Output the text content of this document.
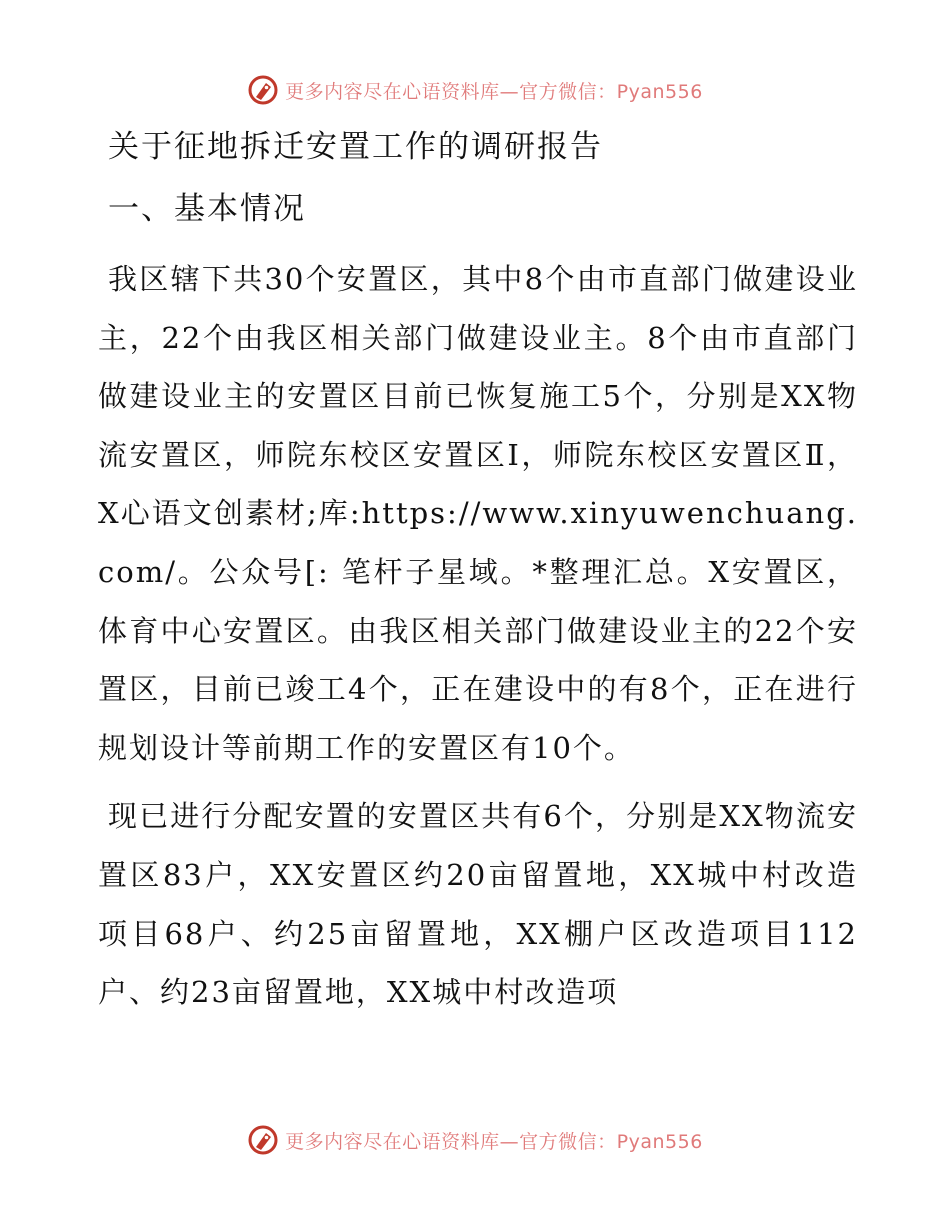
更多内容尽在心语资料库—官方微信：Pyan556
关于征地拆迁安置工作的调研报告
一、基本情况

我区辖下共30个安置区，其中8个由市直部门做建设业主，22个由我区相关部门做建设业主。8个由市直部门做建设业主的安置区目前已恢复施工5个，分别是XX物流安置区，师院东校区安置区Ⅰ，师院东校区安置区Ⅱ，X心语文创素材;库:https://www.xinyuwenchuang.com/。公众号[: 笔杆子星域。*整理汇总。X安置区，体育中心安置区。由我区相关部门做建设业主的22个安置区，目前已竣工4个，正在建设中的有8个，正在进行规划设计等前期工作的安置区有10个。

现已进行分配安置的安置区共有6个，分别是XX物流安置区83户，XX安置区约20亩留置地，XX城中村改造项目68户、约25亩留置地，XX棚户区改造项目112户、约23亩留置地，XX城中村改造项

更多内容尽在心语资料库—官方微信：Pyan556
